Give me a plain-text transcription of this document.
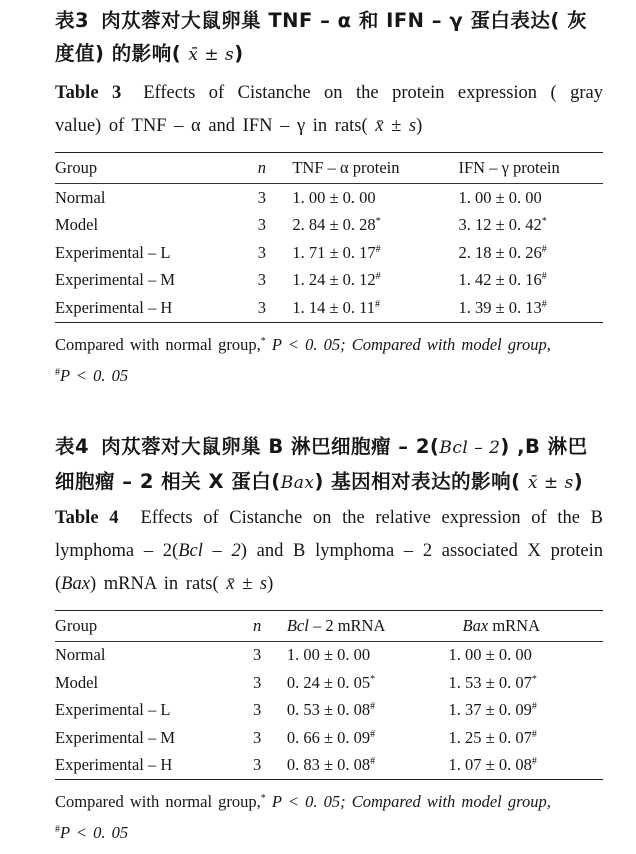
表3 肉苁蓉对大鼠卵巢 TNF – α 和 IFN – γ 蛋白表达( 灰度值) 的影响( x̄ ± s)

Table 3 Effects of Cistanche on the protein expression ( gray value) of TNF – α and IFN – γ in rats( x̄ ± s)

Group	n	TNF – α protein	IFN – γ protein
Normal	3	1. 00 ± 0. 00	1. 00 ± 0. 00
Model	3	2. 84 ± 0. 28*	3. 12 ± 0. 42*
Experimental – L	3	1. 71 ± 0. 17#	2. 18 ± 0. 26#
Experimental – M	3	1. 24 ± 0. 12#	1. 42 ± 0. 16#
Experimental – H	3	1. 14 ± 0. 11#	1. 39 ± 0. 13#

Compared with normal group,* P < 0. 05; Compared with model group,
#P < 0. 05

表4 肉苁蓉对大鼠卵巢 B 淋巴细胞瘤 – 2(Bcl – 2) ,B 淋巴细胞瘤 – 2 相关 X 蛋白(Bax) 基因相对表达的影响( x̄ ± s)

Table 4 Effects of Cistanche on the relative expression of the B lymphoma – 2(Bcl – 2) and B lymphoma – 2 associated X protein (Bax) mRNA in rats( x̄ ± s)

Group	n	Bcl – 2 mRNA	Bax mRNA
Normal	3	1. 00 ± 0. 00	1. 00 ± 0. 00
Model	3	0. 24 ± 0. 05*	1. 53 ± 0. 07*
Experimental – L	3	0. 53 ± 0. 08#	1. 37 ± 0. 09#
Experimental – M	3	0. 66 ± 0. 09#	1. 25 ± 0. 07#
Experimental – H	3	0. 83 ± 0. 08#	1. 07 ± 0. 08#

Compared with normal group,* P < 0. 05; Compared with model group,
#P < 0. 05
